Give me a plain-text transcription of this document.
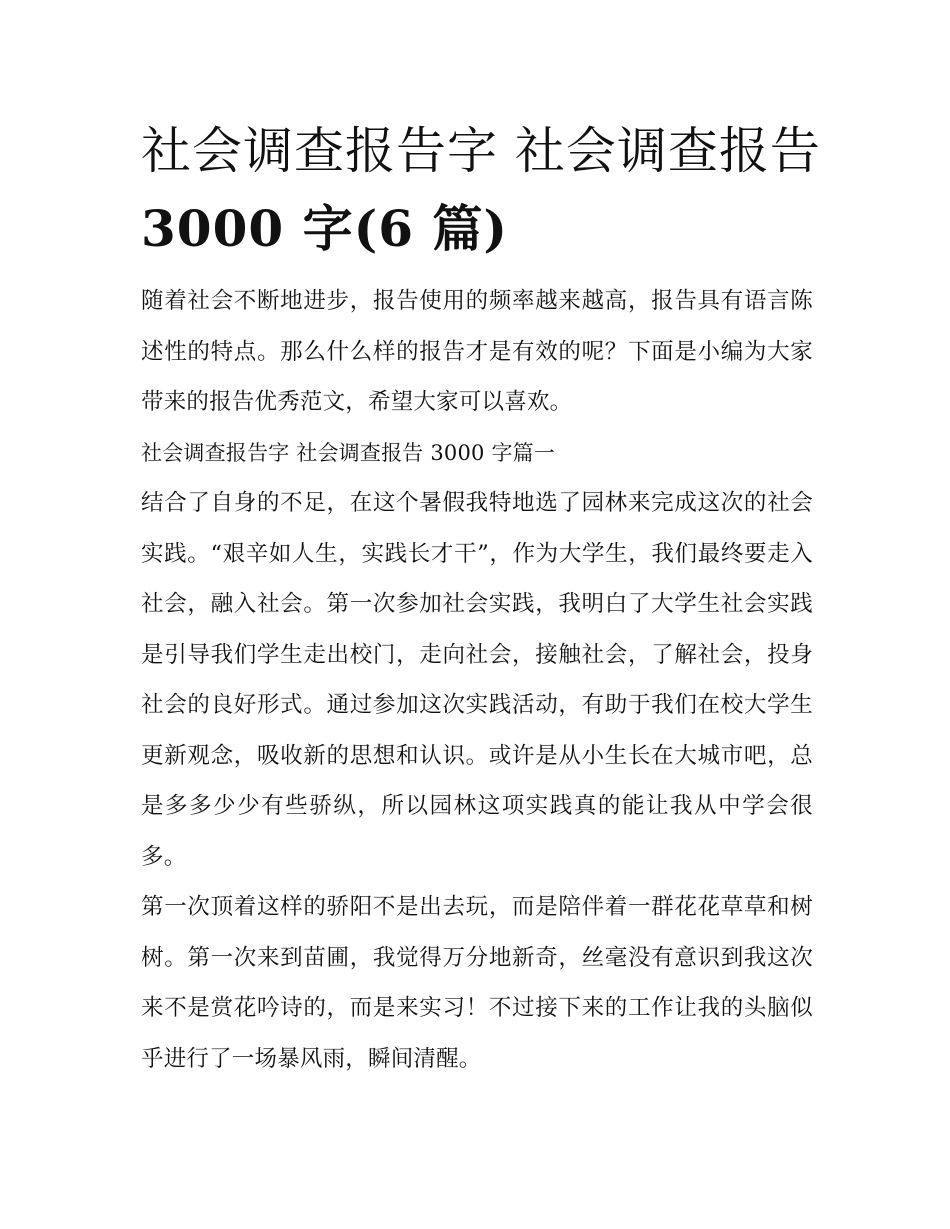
社会调查报告字 社会调查报告
3000 字(6 篇)

随着社会不断地进步，报告使用的频率越来越高，报告具有语言陈述性的特点。那么什么样的报告才是有效的呢？下面是小编为大家带来的报告优秀范文，希望大家可以喜欢。

社会调查报告字 社会调查报告 3000 字篇一

结合了自身的不足，在这个暑假我特地选了园林来完成这次的社会实践。“艰辛如人生，实践长才干”，作为大学生，我们最终要走入社会，融入社会。第一次参加社会实践，我明白了大学生社会实践是引导我们学生走出校门，走向社会，接触社会，了解社会，投身社会的良好形式。通过参加这次实践活动，有助于我们在校大学生更新观念，吸收新的思想和认识。或许是从小生长在大城市吧，总是多多少少有些骄纵，所以园林这项实践真的能让我从中学会很多。

第一次顶着这样的骄阳不是出去玩，而是陪伴着一群花花草草和树树。第一次来到苗圃，我觉得万分地新奇，丝毫没有意识到我这次来不是赏花吟诗的，而是来实习！不过接下来的工作让我的头脑似乎进行了一场暴风雨，瞬间清醒。
